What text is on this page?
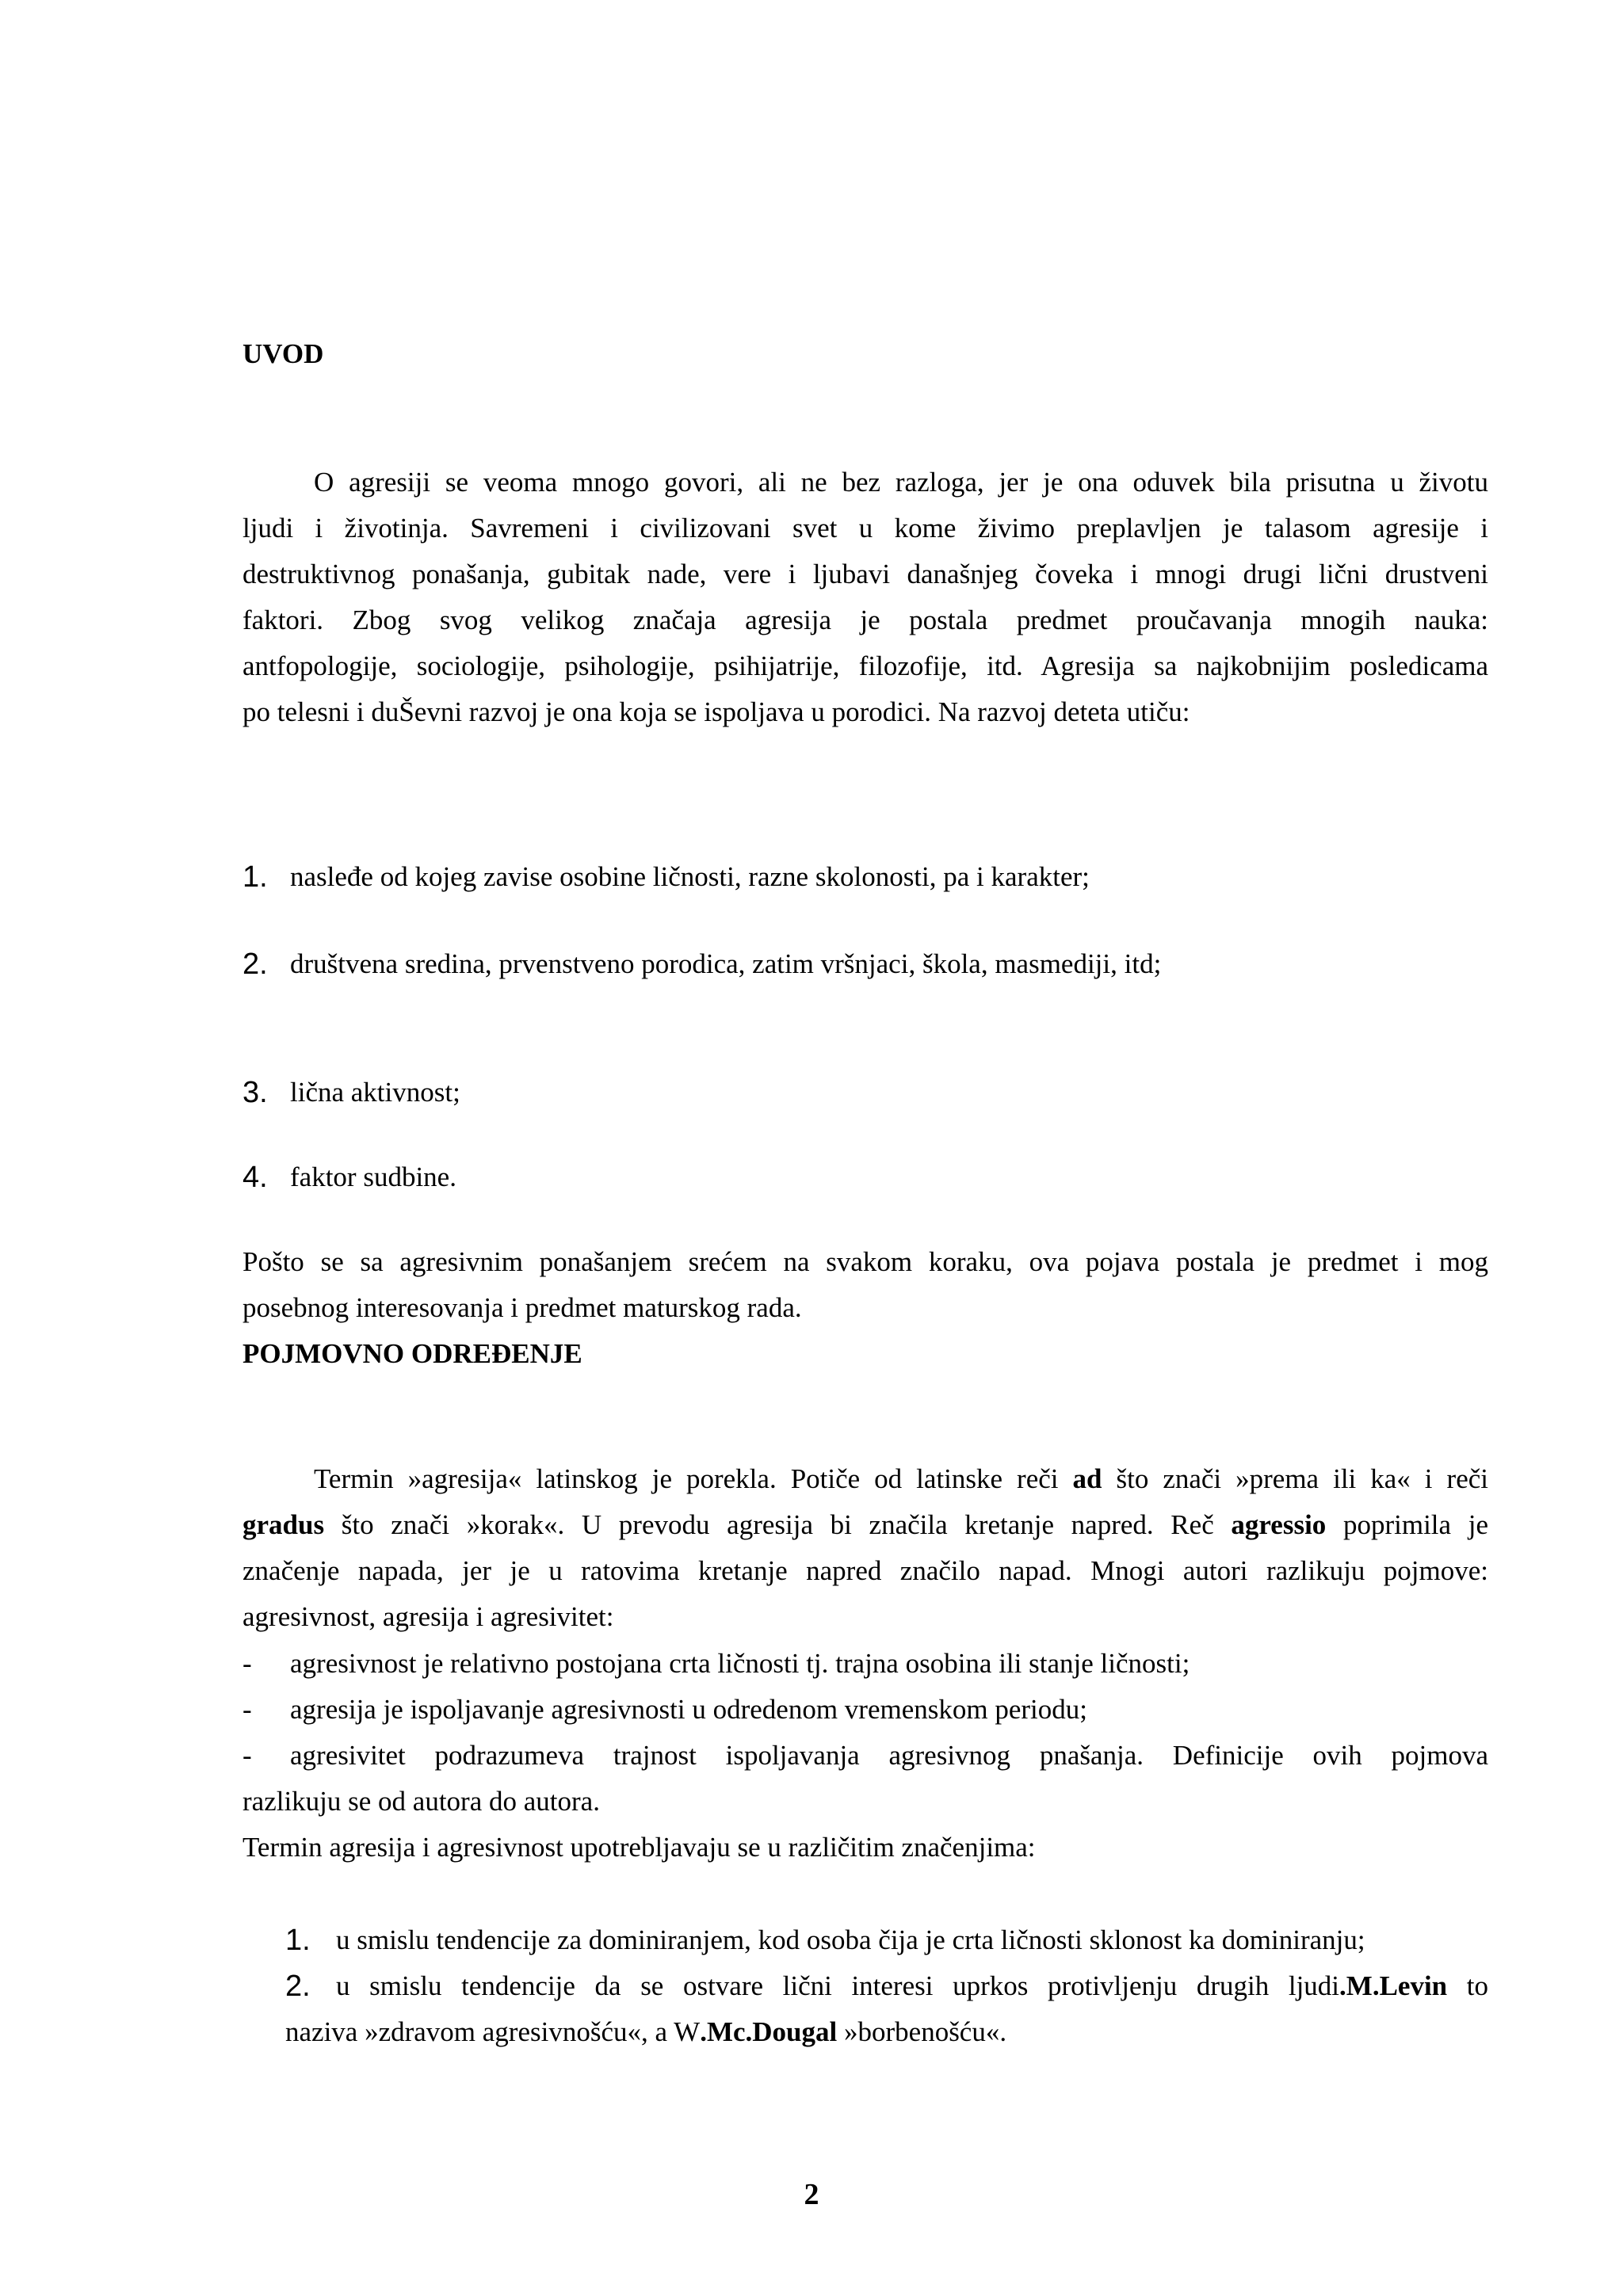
UVOD
O agresiji se veoma mnogo govori, ali ne bez razloga, jer je ona oduvek bila prisutna u životu
ljudi i životinja. Savremeni i civilizovani svet u kome živimo preplavljen je talasom agresije i
destruktivnog ponašanja, gubitak nade, vere i ljubavi današnjeg čoveka i mnogi drugi lični drustveni
faktori. Zbog svog velikog značaja agresija je postala predmet proučavanja mnogih nauka:
antfopologije, sociologije, psihologije, psihijatrije, filozofije, itd. Agresija sa najkobnijim posledicama
po telesni i duŠevni razvoj je ona koja se ispoljava u porodici. Na razvoj deteta utiču:
1. nasleđe od kojeg zavise osobine ličnosti, razne skolonosti, pa i karakter;
2. društvena sredina, prvenstveno porodica, zatim vršnjaci, škola, masmediji, itd;
3. lična aktivnost;
4. faktor sudbine.
Pošto se sa agresivnim ponašanjem srećem na svakom koraku, ova pojava postala je predmet i mog
posebnog interesovanja i predmet maturskog rada.
POJMOVNO ODREĐENJE
Termin »agresija« latinskog je porekla. Potiče od latinske reči ad što znači »prema ili ka« i reči
gradus što znači »korak«. U prevodu agresija bi značila kretanje napred. Reč agressio poprimila je
značenje napada, jer je u ratovima kretanje napred značilo napad. Mnogi autori razlikuju pojmove:
agresivnost, agresija i agresivitet:
- agresivnost je relativno postojana crta ličnosti tj. trajna osobina ili stanje ličnosti;
- agresija je ispoljavanje agresivnosti u odredenom vremenskom periodu;
- agresivitet podrazumeva trajnost ispoljavanja agresivnog pnašanja. Definicije ovih pojmova
razlikuju se od autora do autora.
Termin agresija i agresivnost upotrebljavaju se u različitim značenjima:
1. u smislu tendencije za dominiranjem, kod osoba čija je crta ličnosti sklonost ka dominiranju;
2. u smislu tendencije da se ostvare lični interesi uprkos protivljenju drugih ljudi.M.Levin to
naziva »zdravom agresivnošću«, a W.Mc.Dougal »borbenošću«.
2
